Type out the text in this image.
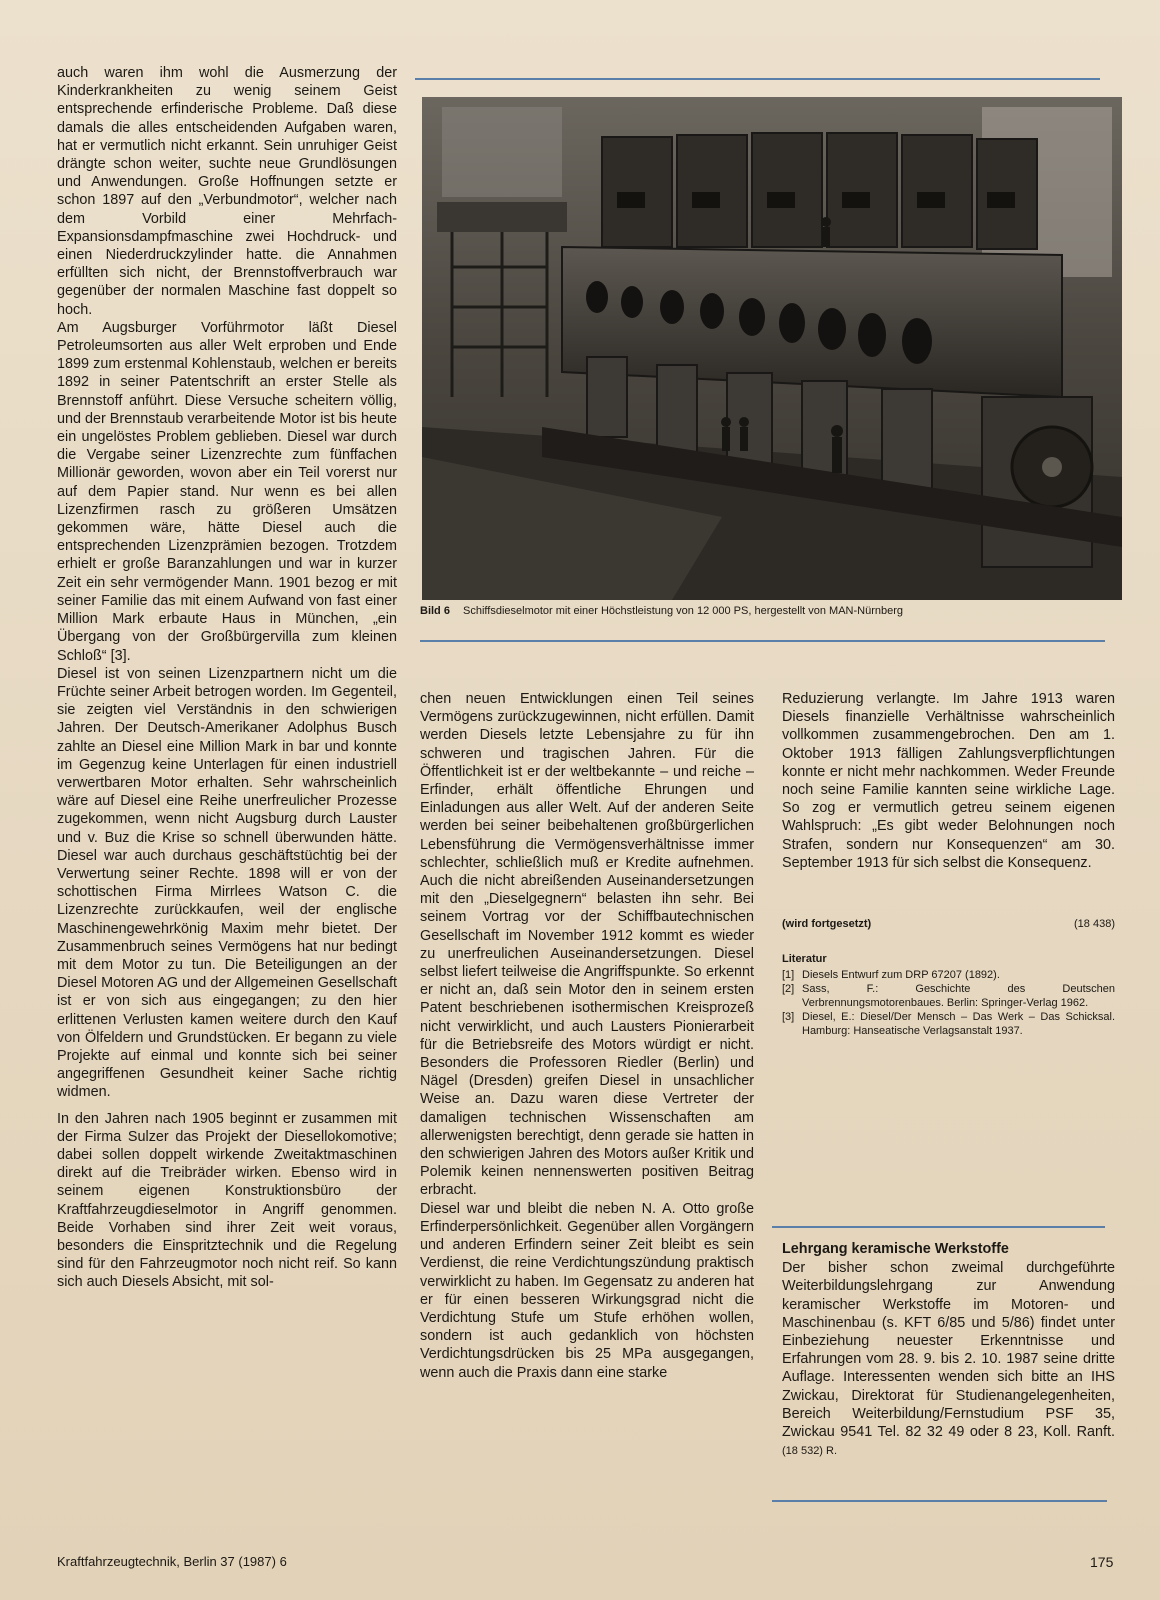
auch waren ihm wohl die Ausmerzung der Kinderkrankheiten zu wenig seinem Geist entsprechende erfinderische Probleme. Daß diese damals die alles entscheidenden Aufgaben waren, hat er vermutlich nicht erkannt. Sein unruhiger Geist drängte schon weiter, suchte neue Grundlösungen und Anwendungen. Große Hoffnungen setzte er schon 1897 auf den „Verbundmotor“, welcher nach dem Vorbild einer Mehrfach-Expansionsdampfmaschine zwei Hochdruck- und einen Niederdruckzylinder hatte. die Annahmen erfüllten sich nicht, der Brennstoffverbrauch war gegenüber der normalen Maschine fast doppelt so hoch.

Am Augsburger Vorführmotor läßt Diesel Petroleumsorten aus aller Welt erproben und Ende 1899 zum erstenmal Kohlenstaub, welchen er bereits 1892 in seiner Patentschrift an erster Stelle als Brennstoff anführt. Diese Versuche scheitern völlig, und der Brennstaub verarbeitende Motor ist bis heute ein ungelöstes Problem geblieben. Diesel war durch die Vergabe seiner Lizenzrechte zum fünffachen Millionär geworden, wovon aber ein Teil vorerst nur auf dem Papier stand. Nur wenn es bei allen Lizenzfirmen rasch zu größeren Umsätzen gekommen wäre, hätte Diesel auch die entsprechenden Lizenzprämien bezogen. Trotzdem erhielt er große Baranzahlungen und war in kurzer Zeit ein sehr vermögender Mann. 1901 bezog er mit seiner Familie das mit einem Aufwand von fast einer Million Mark erbaute Haus in München, „ein Übergang von der Großbürgervilla zum kleinen Schloß“ [3].

Diesel ist von seinen Lizenzpartnern nicht um die Früchte seiner Arbeit betrogen worden. Im Gegenteil, sie zeigten viel Verständnis in den schwierigen Jahren. Der Deutsch-Amerikaner Adolphus Busch zahlte an Diesel eine Million Mark in bar und konnte im Gegenzug keine Unterlagen für einen industriell verwertbaren Motor erhalten. Sehr wahrscheinlich wäre auf Diesel eine Reihe unerfreulicher Prozesse zugekommen, wenn nicht Augsburg durch Lauster und v. Buz die Krise so schnell überwunden hätte. Diesel war auch durchaus geschäftstüchtig bei der Verwertung seiner Rechte. 1898 will er von der schottischen Firma Mirrlees Watson C. die Lizenzrechte zurückkaufen, weil der englische Maschinengewehrkönig Maxim mehr bietet. Der Zusammenbruch seines Vermögens hat nur bedingt mit dem Motor zu tun. Die Beteiligungen an der Diesel Motoren AG und der Allgemeinen Gesellschaft ist er von sich aus eingegangen; zu den hier erlittenen Verlusten kamen weitere durch den Kauf von Ölfeldern und Grundstücken. Er begann zu viele Projekte auf einmal und konnte sich bei seiner angegriffenen Gesundheit keiner Sache richtig widmen.

In den Jahren nach 1905 beginnt er zusammen mit der Firma Sulzer das Projekt der Diesellokomotive; dabei sollen doppelt wirkende Zweitaktmaschinen direkt auf die Treibräder wirken. Ebenso wird in seinem eigenen Konstruktionsbüro der Kraftfahrzeugdieselmotor in Angriff genommen. Beide Vorhaben sind ihrer Zeit weit voraus, besonders die Einspritztechnik und die Regelung sind für den Fahrzeugmotor noch nicht reif. So kann sich auch Diesels Absicht, mit sol-

Bild 6 Schiffsdieselmotor mit einer Höchstleistung von 12 000 PS, hergestellt von MAN-Nürnberg

chen neuen Entwicklungen einen Teil seines Vermögens zurückzugewinnen, nicht erfüllen. Damit werden Diesels letzte Lebensjahre zu für ihn schweren und tragischen Jahren. Für die Öffentlichkeit ist er der weltbekannte – und reiche – Erfinder, erhält öffentliche Ehrungen und Einladungen aus aller Welt. Auf der anderen Seite werden bei seiner beibehaltenen großbürgerlichen Lebensführung die Vermögensverhältnisse immer schlechter, schließlich muß er Kredite aufnehmen. Auch die nicht abreißenden Auseinandersetzungen mit den „Dieselgegnern“ belasten ihn sehr. Bei seinem Vortrag vor der Schiffbautechnischen Gesellschaft im November 1912 kommt es wieder zu unerfreulichen Auseinandersetzungen. Diesel selbst liefert teilweise die Angriffspunkte. So erkennt er nicht an, daß sein Motor den in seinem ersten Patent beschriebenen isothermischen Kreisprozeß nicht verwirklicht, und auch Lausters Pionierarbeit für die Betriebsreife des Motors würdigt er nicht. Besonders die Professoren Riedler (Berlin) und Nägel (Dresden) greifen Diesel in unsachlicher Weise an. Dazu waren diese Vertreter der damaligen technischen Wissenschaften am allerwenigsten berechtigt, denn gerade sie hatten in den schwierigen Jahren des Motors außer Kritik und Polemik keinen nennenswerten positiven Beitrag erbracht.

Diesel war und bleibt die neben N. A. Otto große Erfinderpersönlichkeit. Gegenüber allen Vorgängern und anderen Erfindern seiner Zeit bleibt es sein Verdienst, die reine Verdichtungszündung praktisch verwirklicht zu haben. Im Gegensatz zu anderen hat er für einen besseren Wirkungsgrad nicht die Verdichtung Stufe um Stufe erhöhen wollen, sondern ist auch gedanklich von höchsten Verdichtungsdrücken bis 25 MPa ausgegangen, wenn auch die Praxis dann eine starke

Reduzierung verlangte. Im Jahre 1913 waren Diesels finanzielle Verhältnisse wahrscheinlich vollkommen zusammengebrochen. Den am 1. Oktober 1913 fälligen Zahlungsverpflichtungen konnte er nicht mehr nachkommen. Weder Freunde noch seine Familie kannten seine wirkliche Lage. So zog er vermutlich getreu seinem eigenen Wahlspruch: „Es gibt weder Belohnungen noch Strafen, sondern nur Konsequenzen“ am 30. September 1913 für sich selbst die Konsequenz.

(wird fortgesetzt)	(18 438)
Literatur
[1] Diesels Entwurf zum DRP 67207 (1892).
[2] Sass, F.: Geschichte des Deutschen Verbrennungsmotorenbaues. Berlin: Springer-Verlag 1962.
[3] Diesel, E.: Diesel/Der Mensch – Das Werk – Das Schicksal. Hamburg: Hanseatische Verlagsanstalt 1937.
Lehrgang keramische Werkstoffe
Der bisher schon zweimal durchgeführte Weiterbildungslehrgang zur Anwendung keramischer Werkstoffe im Motoren- und Maschinenbau (s. KFT 6/85 und 5/86) findet unter Einbeziehung neuester Erkenntnisse und Erfahrungen vom 28. 9. bis 2. 10. 1987 seine dritte Auflage. Interessenten wenden sich bitte an IHS Zwickau, Direktorat für Studienangelegenheiten, Bereich Weiterbildung/Fernstudium PSF 35, Zwickau 9541 Tel. 82 32 49 oder 8 23, Koll. Ranft. (18 532) R.
Kraftfahrzeugtechnik, Berlin 37 (1987) 6	175
